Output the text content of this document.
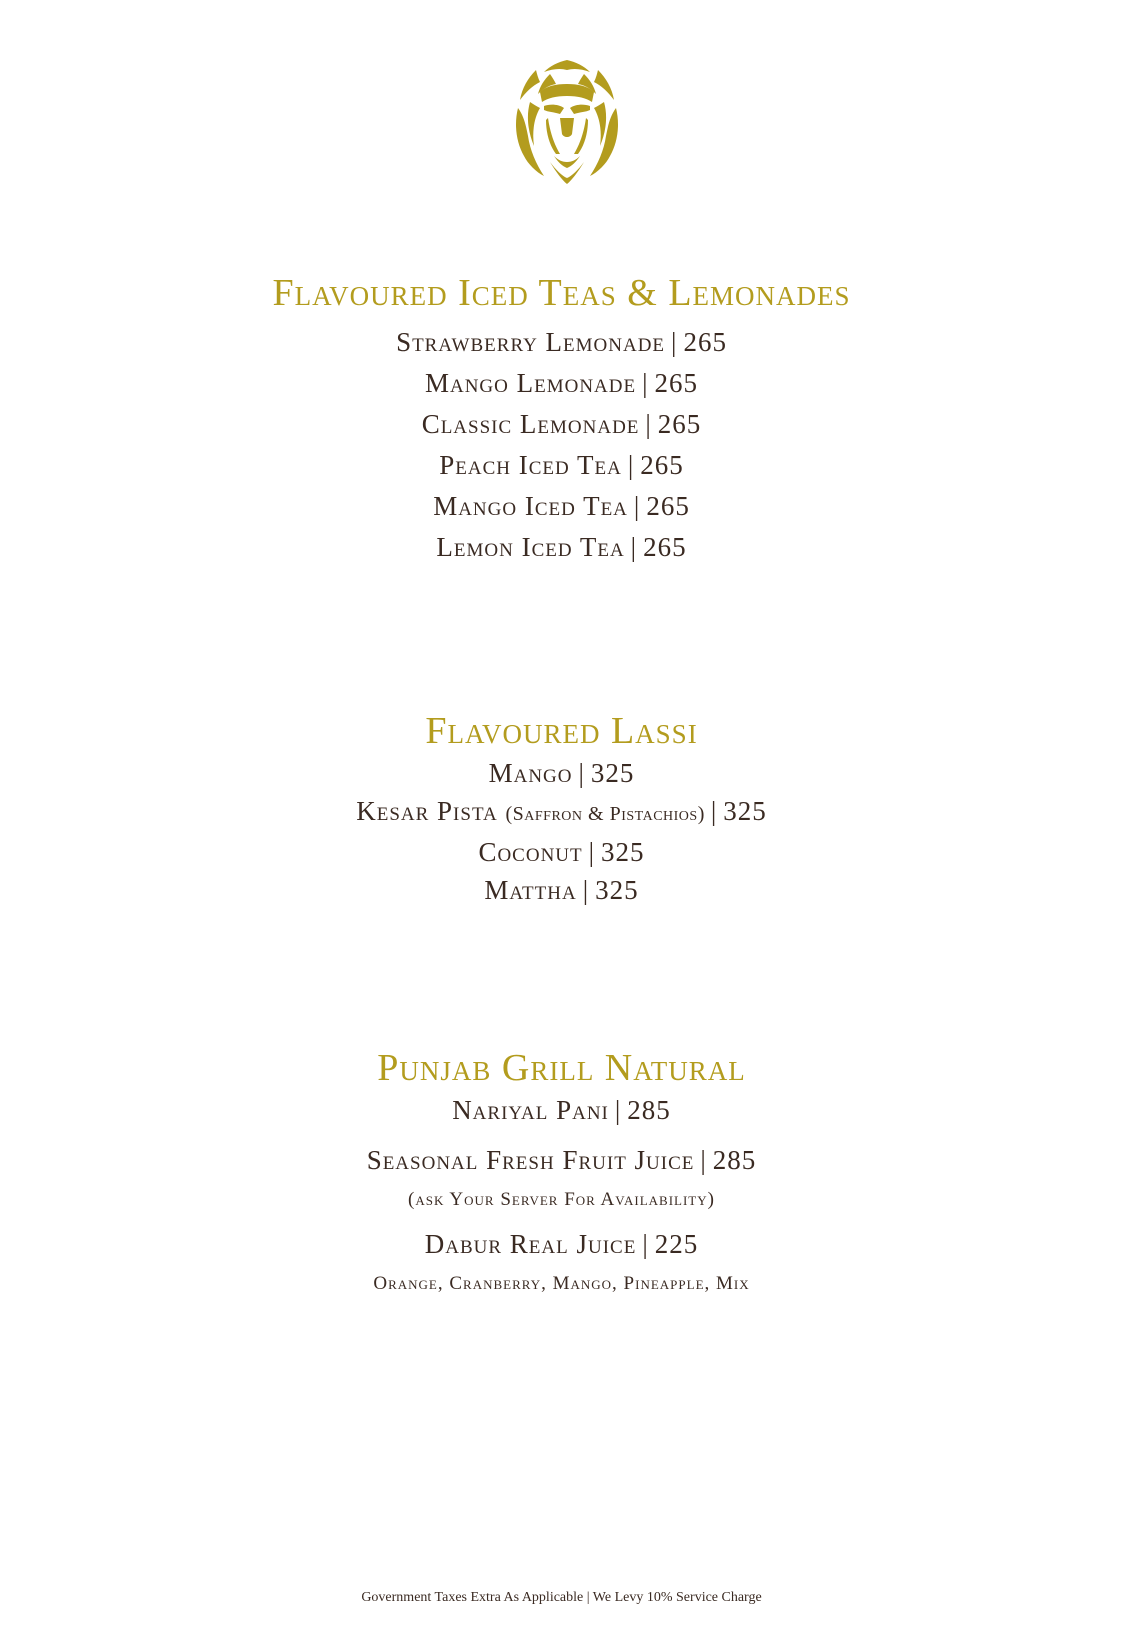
Flavoured Iced Teas & Lemonades

Strawberry Lemonade | 265

Mango Lemonade | 265

Classic Lemonade | 265

Peach Iced Tea | 265

Mango Iced Tea | 265

Lemon Iced Tea | 265

Flavoured Lassi

Mango | 325

Kesar Pista (Saffron & Pistachios) | 325

Coconut | 325

Mattha | 325

Punjab Grill Natural

Nariyal Pani | 285

Seasonal Fresh Fruit Juice | 285

(ask Your Server For Availability)

Dabur Real Juice | 225

Orange, Cranberry, Mango, Pineapple, Mix

Government Taxes Extra As Applicable | We Levy 10% Service Charge
